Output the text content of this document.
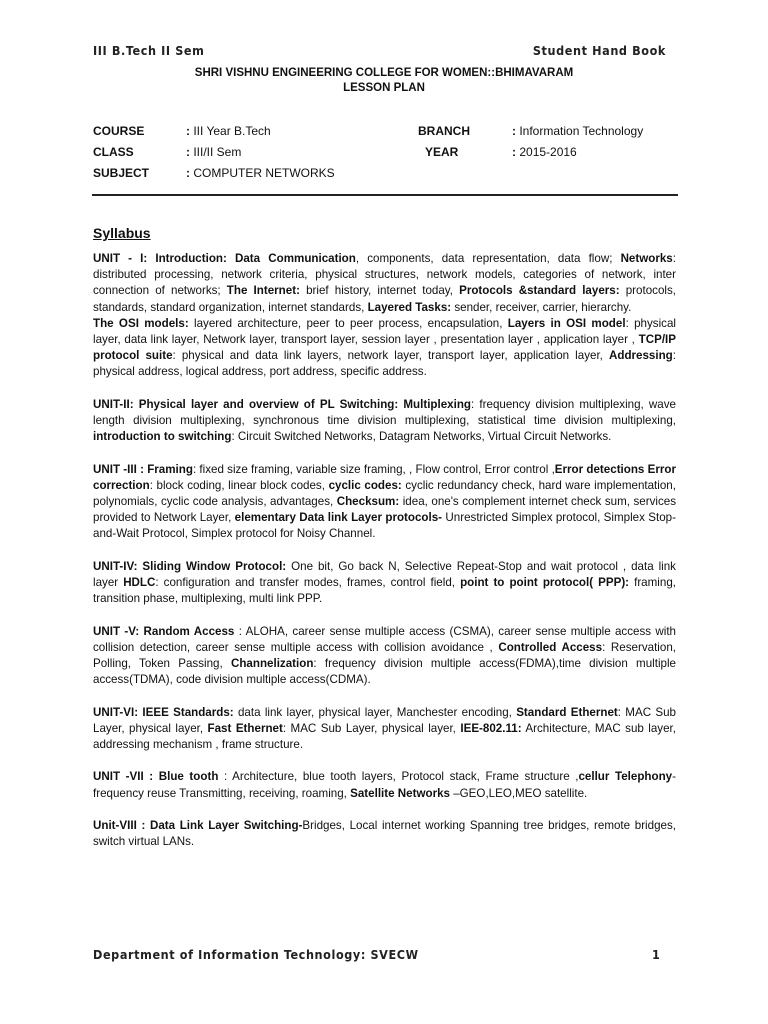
III B.Tech II Sem	Student Hand Book
SHRI VISHNU ENGINEERING COLLEGE FOR WOMEN::BHIMAVARAM
LESSON PLAN
COURSE	: III Year B.Tech	BRANCH	: Information Technology
CLASS	: III/II Sem	YEAR	: 2015-2016
SUBJECT	: COMPUTER NETWORKS
Syllabus

UNIT - I: Introduction: Data Communication, components, data representation, data flow; Networks: distributed processing, network criteria, physical structures, network models, categories of network, inter connection of networks; The Internet: brief history, internet today, Protocols &standard layers: protocols, standards, standard organization, internet standards, Layered Tasks: sender, receiver, carrier, hierarchy.
The OSI models: layered architecture, peer to peer process, encapsulation, Layers in OSI model: physical layer, data link layer, Network layer, transport layer, session layer , presentation layer , application layer , TCP/IP protocol suite: physical and data link layers, network layer, transport layer, application layer, Addressing: physical address, logical address, port address, specific address.

UNIT-II: Physical layer and overview of PL Switching: Multiplexing: frequency division multiplexing, wave length division multiplexing, synchronous time division multiplexing, statistical time division multiplexing, introduction to switching: Circuit Switched Networks, Datagram Networks, Virtual Circuit Networks.

UNIT -III : Framing: fixed size framing, variable size framing, , Flow control, Error control ,Error detections Error correction: block coding, linear block codes, cyclic codes: cyclic redundancy check, hard ware implementation, polynomials, cyclic code analysis, advantages, Checksum: idea, one's complement internet check sum, services provided to Network Layer, elementary Data link Layer protocols- Unrestricted Simplex protocol, Simplex Stop-and-Wait Protocol, Simplex protocol for Noisy Channel.

UNIT-IV: Sliding Window Protocol: One bit, Go back N, Selective Repeat-Stop and wait protocol , data link layer HDLC: configuration and transfer modes, frames, control field, point to point protocol( PPP): framing, transition phase, multiplexing, multi link PPP.

UNIT -V: Random Access : ALOHA, career sense multiple access (CSMA), career sense multiple access with collision detection, career sense multiple access with collision avoidance , Controlled Access: Reservation, Polling, Token Passing, Channelization: frequency division multiple access(FDMA),time division multiple access(TDMA), code division multiple access(CDMA).

UNIT-VI: IEEE Standards: data link layer, physical layer, Manchester encoding, Standard Ethernet: MAC Sub Layer, physical layer, Fast Ethernet: MAC Sub Layer, physical layer, IEE-802.11: Architecture, MAC sub layer, addressing mechanism , frame structure.

UNIT -VII : Blue tooth : Architecture, blue tooth layers, Protocol stack, Frame structure ,cellur Telephony-frequency reuse Transmitting, receiving, roaming, Satellite Networks –GEO,LEO,MEO satellite.

Unit-VIII : Data Link Layer Switching-Bridges, Local internet working Spanning tree bridges, remote bridges, switch virtual LANs.

Department of Information Technology: SVECW	1
